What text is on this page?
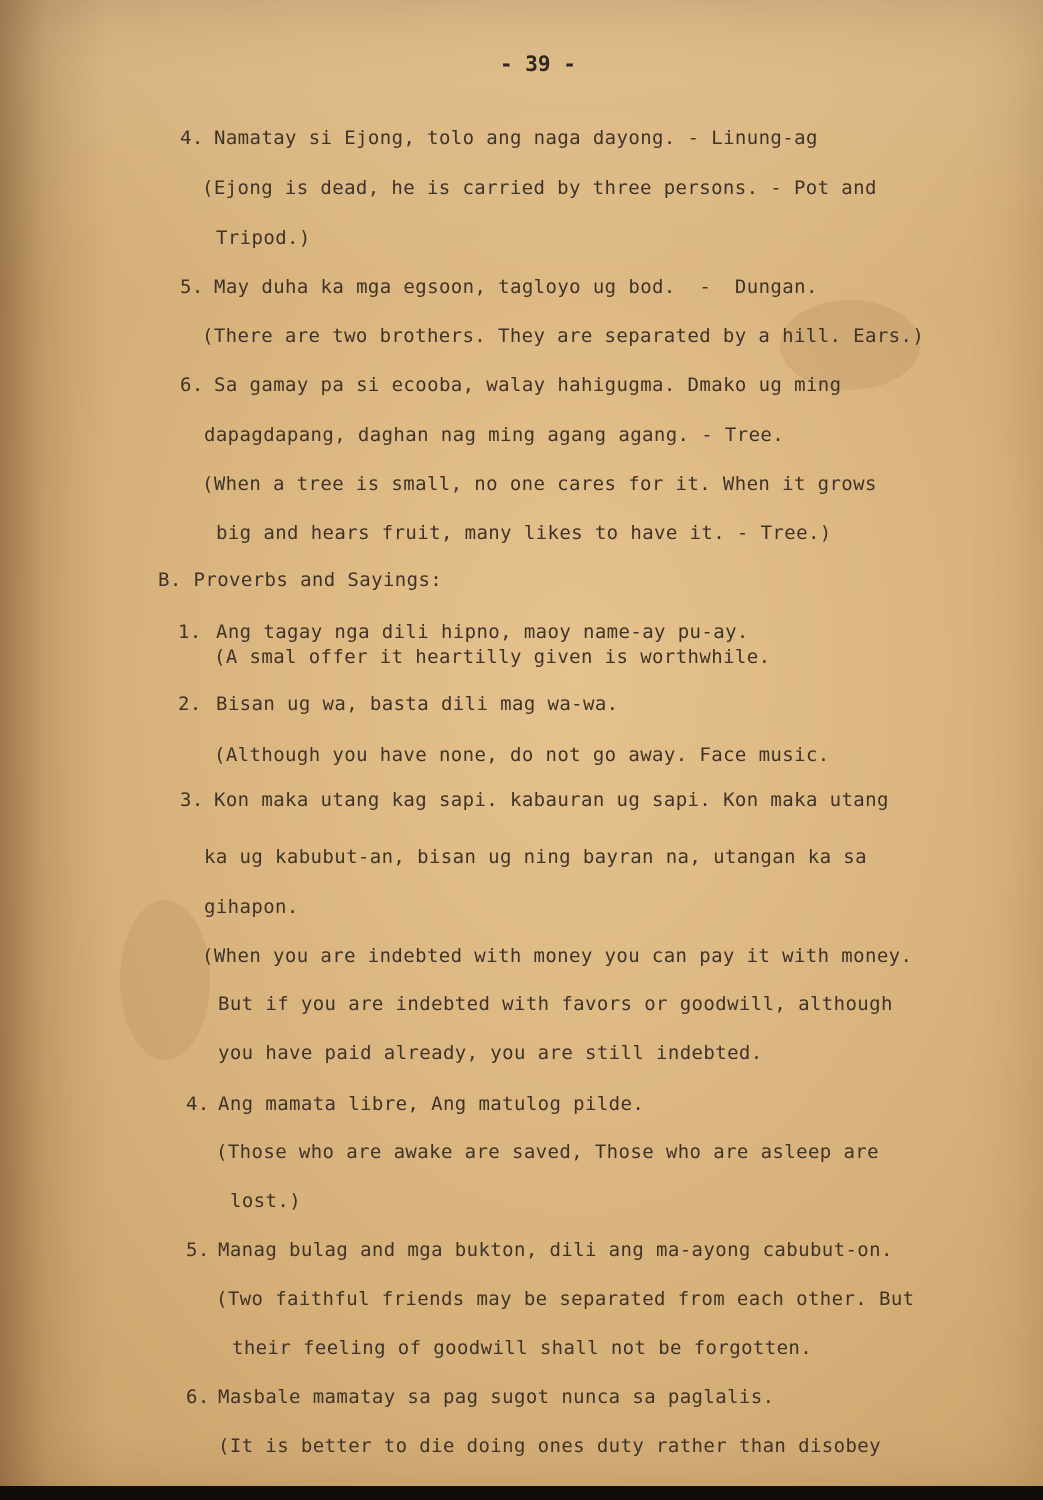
- 39 -
4. Namatay si Ejong, tolo ang naga dayong. - Linung-ag
(Ejong is dead, he is carried by three persons. - Pot and
Tripod.)
5. May duha ka mga egsoon, tagloyo ug bod.  -  Dungan.
(There are two brothers. They are separated by a hill. Ears.)
6. Sa gamay pa si ecooba, walay hahigugma. Dmako ug ming
dapagdapang, daghan nag ming agang agang. - Tree.
(When a tree is small, no one cares for it. When it grows
big and hears fruit, many likes to have it. - Tree.)
B. Proverbs and Sayings:
1. Ang tagay nga dili hipno, maoy name-ay pu-ay.
(A smal offer it heartilly given is worthwhile.
2. Bisan ug wa, basta dili mag wa-wa.
(Although you have none, do not go away. Face music.
3. Kon maka utang kag sapi. kabauran ug sapi. Kon maka utang
ka ug kabubut-an, bisan ug ning bayran na, utangan ka sa
gihapon.
(When you are indebted with money you can pay it with money.
But if you are indebted with favors or goodwill, although
you have paid already, you are still indebted.
4. Ang mamata libre, Ang matulog pilde.
(Those who are awake are saved, Those who are asleep are
lost.)
5. Manag bulag and mga bukton, dili ang ma-ayong cabubut-on.
(Two faithful friends may be separated from each other. But
their feeling of goodwill shall not be forgotten.
6. Masbale mamatay sa pag sugot nunca sa paglalis.
(It is better to die doing ones duty rather than disobey
